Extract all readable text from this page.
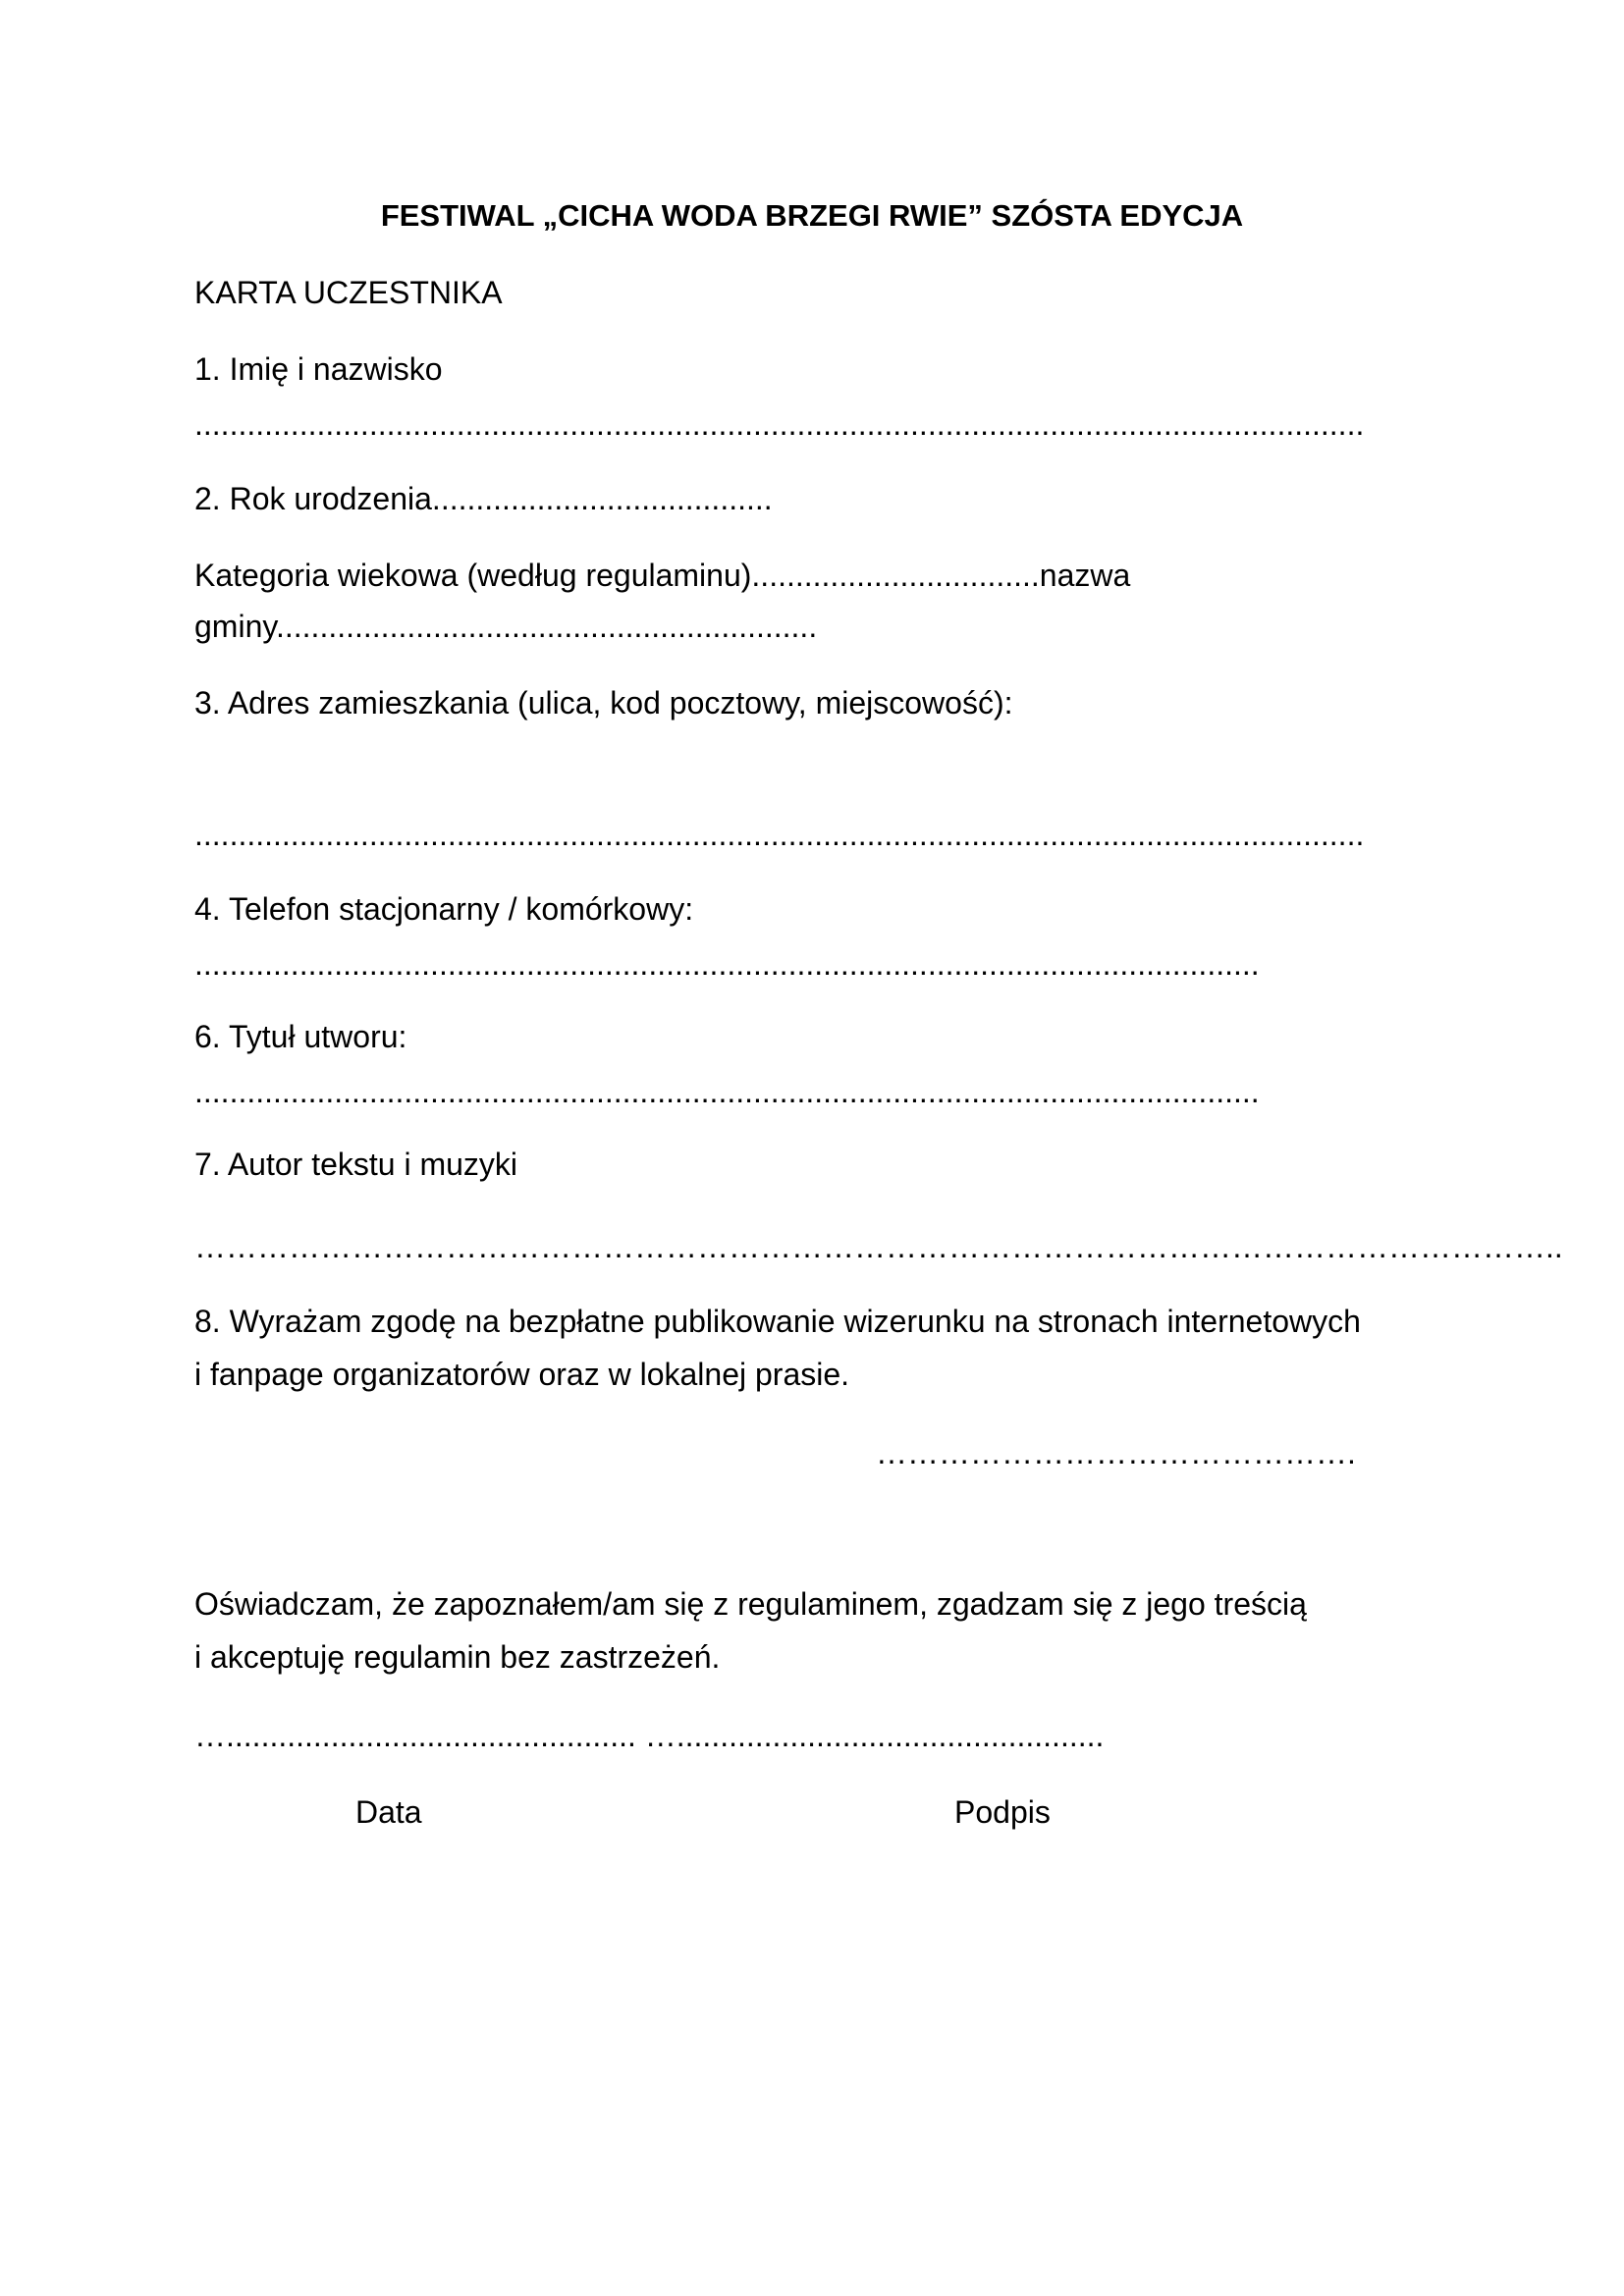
FESTIWAL „CICHA WODA BRZEGI RWIE” SZÓSTA EDYCJA
KARTA UCZESTNIKA
1. Imię i nazwisko
......................................................................................................................................
2. Rok urodzenia.......................................
Kategoria wiekowa (według regulaminu).................................nazwa
gminy..............................................................
3. Adres zamieszkania (ulica, kod pocztowy, miejscowość):
......................................................................................................................................
4. Telefon stacjonarny / komórkowy:
..........................................................................................................................
6. Tytuł utworu:
..........................................................................................................................
7. Autor tekstu i muzyki
…………………………………………………………………………………………………………………..
8. Wyrażam zgodę na bezpłatne publikowanie wizerunku na stronach internetowych
i fanpage organizatorów oraz w lokalnej prasie.
……………………………………….
Oświadczam, że zapoznałem/am się z regulaminem, zgadzam się z jego treścią
i akceptuję regulamin bez zastrzeżeń.
…............................................... ….................................................
Data	Podpis
